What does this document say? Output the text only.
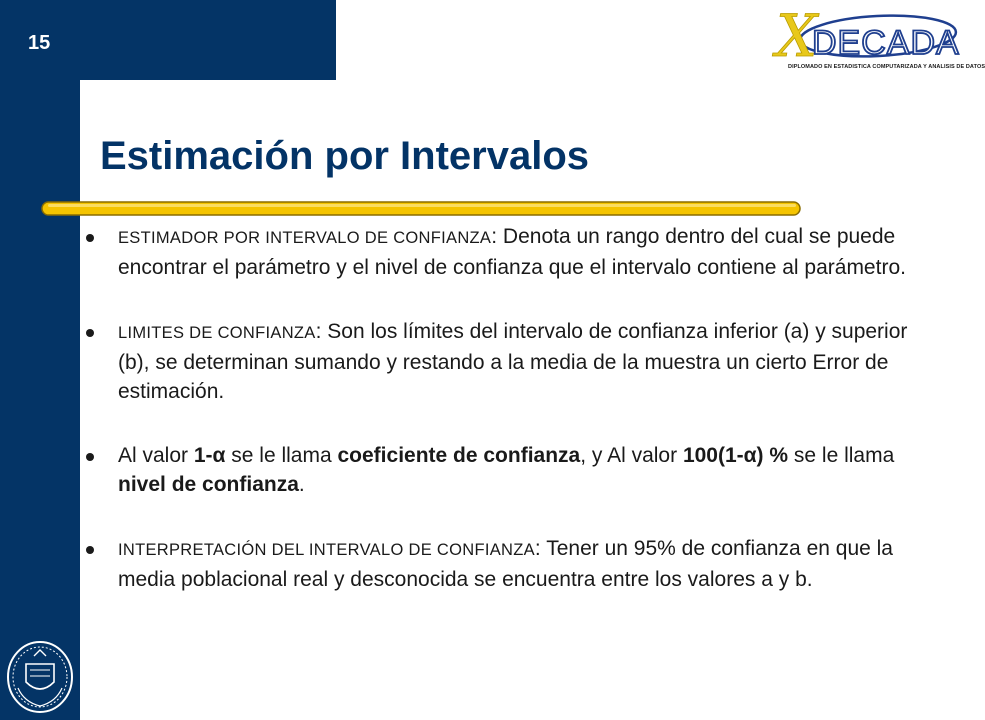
15	X
DECADA
DIPLOMADO EN ESTADISTICA COMPUTARIZADA Y ANALISIS DE DATOS
Estimación por Intervalos
ESTIMADOR POR INTERVALO DE CONFIANZA: Denota un rango dentro del cual se puede encontrar el parámetro y el nivel de confianza que el intervalo contiene al parámetro.
LIMITES DE CONFIANZA: Son los límites del intervalo de confianza inferior (a) y superior (b), se determinan sumando y restando a la media de la muestra un cierto Error de estimación.
Al valor 1-α se le llama coeficiente de confianza, y Al valor 100(1-α) % se le llama nivel de confianza.
INTERPRETACIÓN DEL INTERVALO DE CONFIANZA: Tener un 95% de confianza en que la media poblacional real y desconocida se encuentra entre los valores a y b.
